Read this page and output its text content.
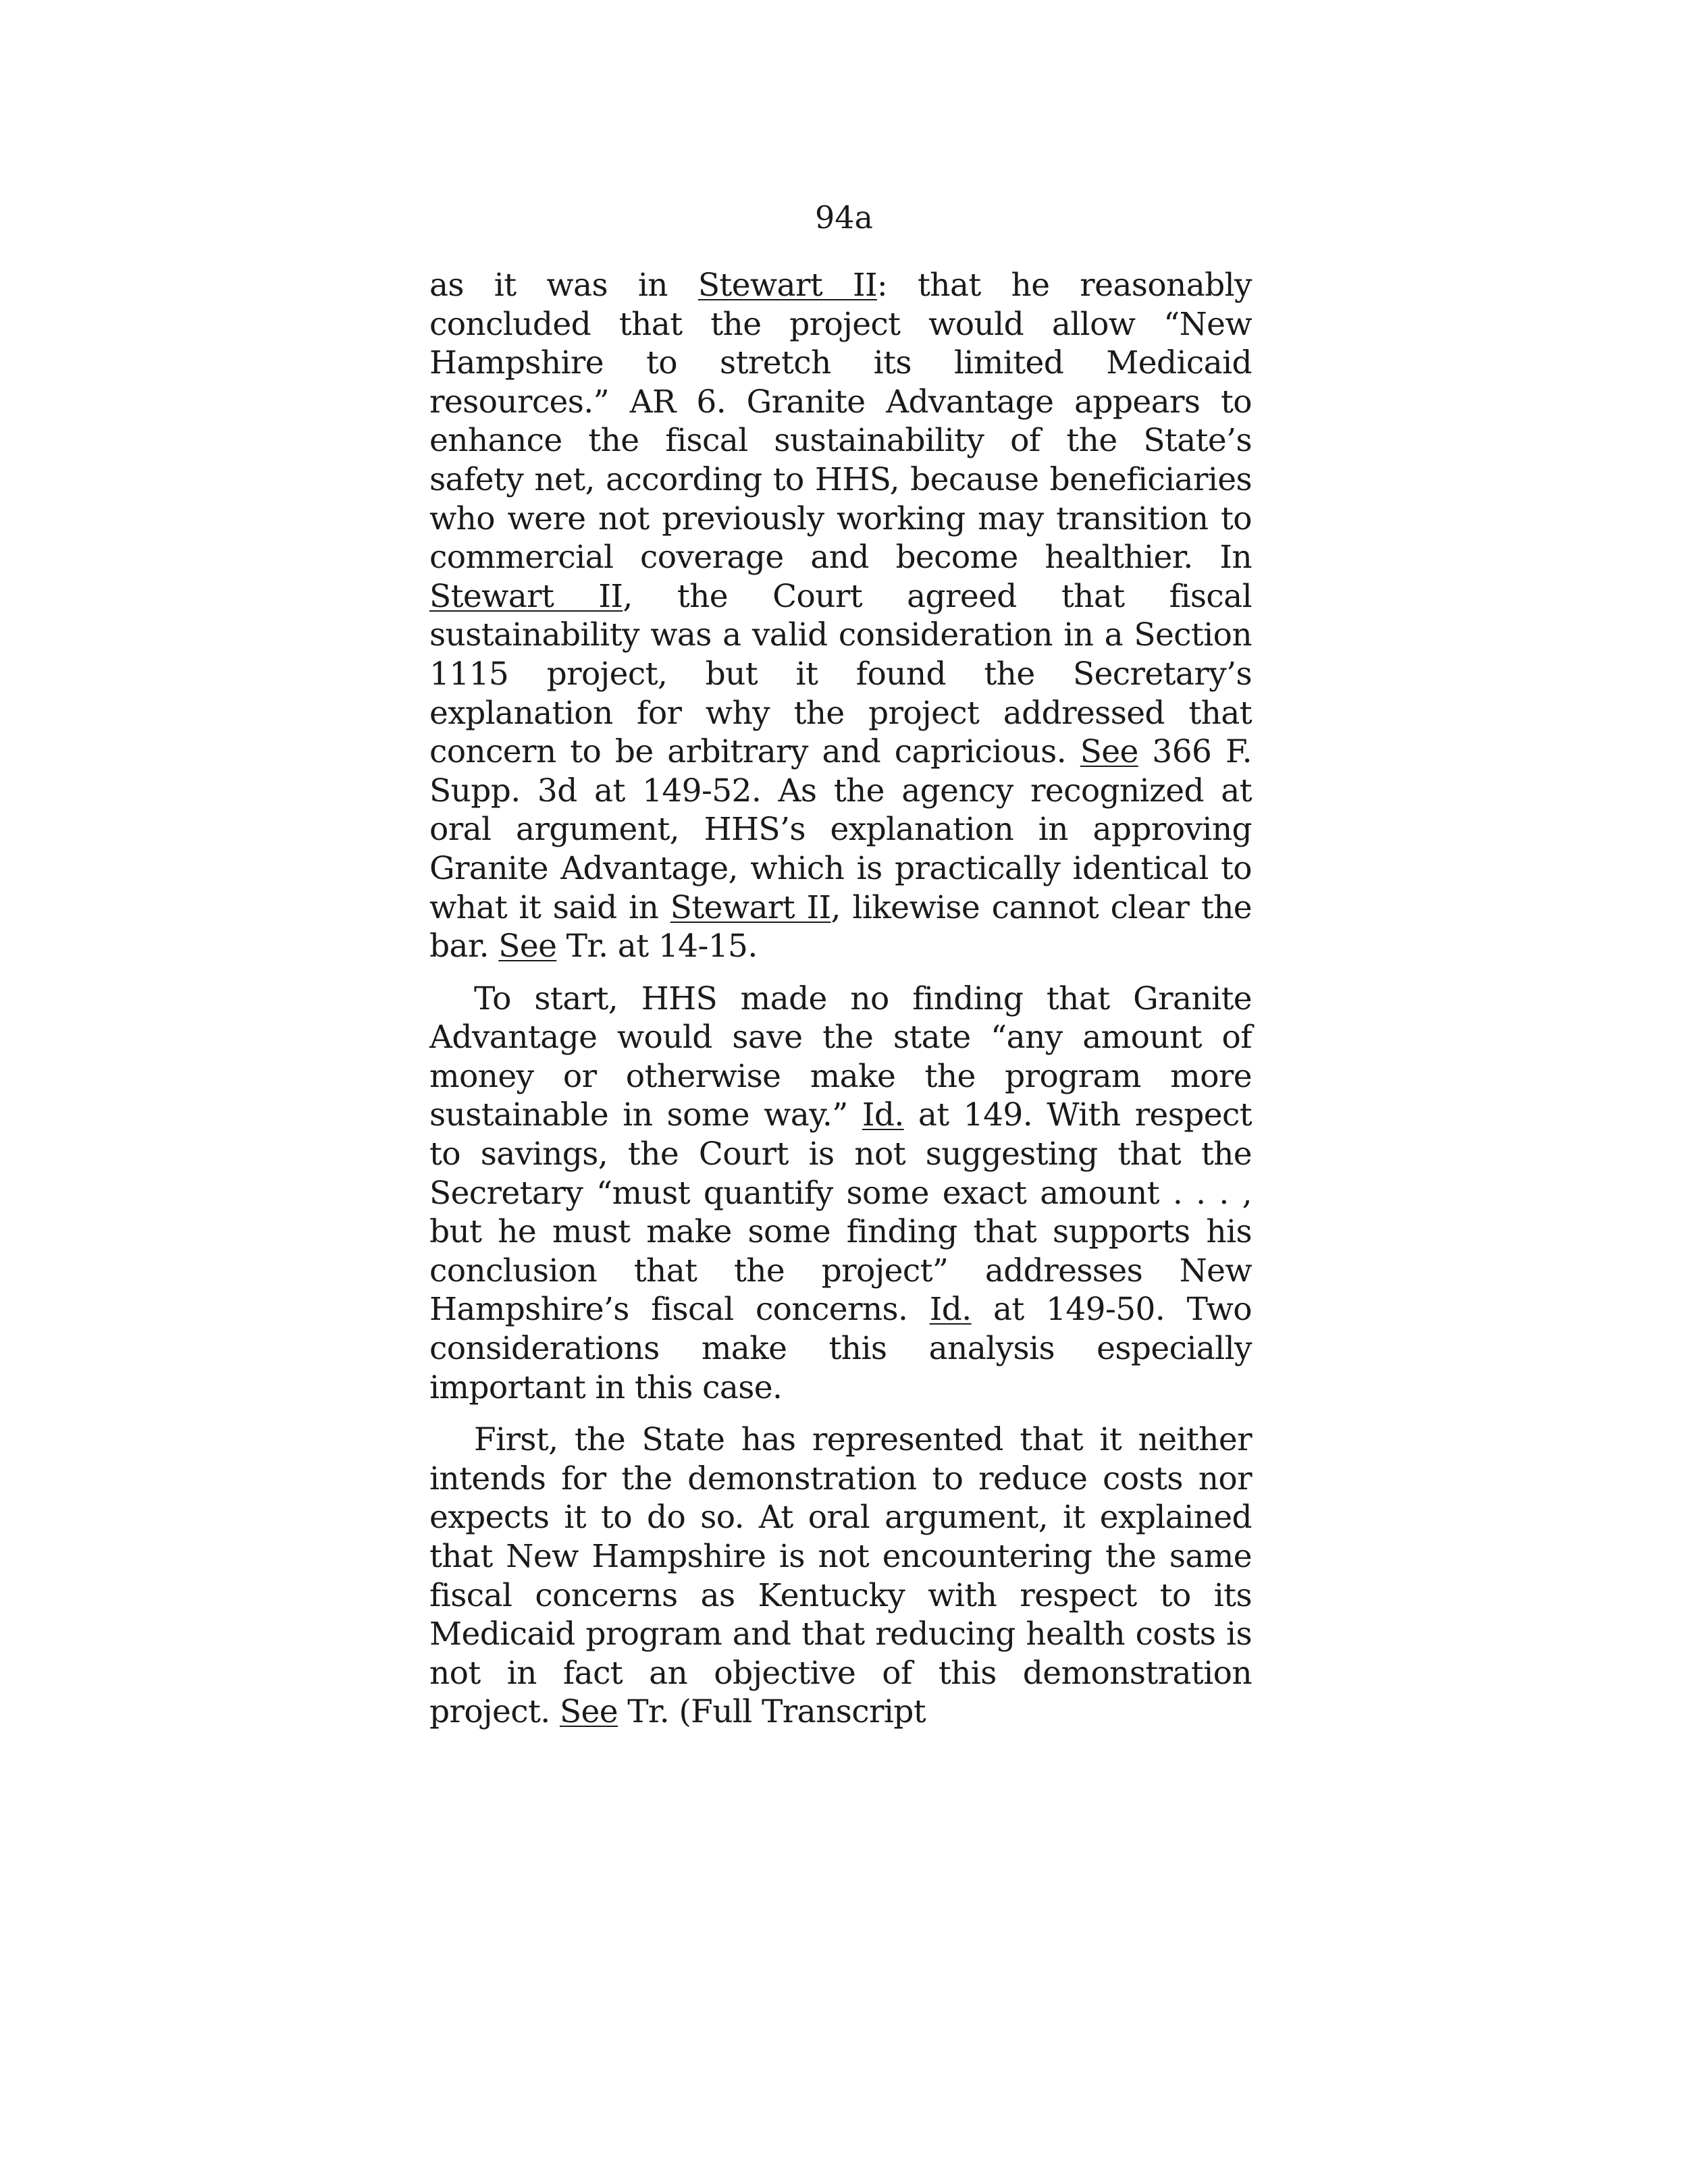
94a

as it was in Stewart II: that he reasonably concluded that the project would allow “New Hampshire to stretch its limited Medicaid resources.” AR 6. Granite Advantage appears to enhance the fiscal sustainability of the State’s safety net, according to HHS, because beneficiaries who were not previously working may transition to commercial coverage and become healthier. In Stewart II, the Court agreed that fiscal sustainability was a valid consideration in a Section 1115 project, but it found the Secretary’s explanation for why the project addressed that concern to be arbitrary and capricious. See 366 F. Supp. 3d at 149-52. As the agency recognized at oral argument, HHS’s explanation in approving Granite Advantage, which is practically identical to what it said in Stewart II, likewise cannot clear the bar. See Tr. at 14-15.

To start, HHS made no finding that Granite Advantage would save the state “any amount of money or otherwise make the program more sustainable in some way.” Id. at 149. With respect to savings, the Court is not suggesting that the Secretary “must quantify some exact amount . . . , but he must make some finding that supports his conclusion that the project” addresses New Hampshire’s fiscal concerns. Id. at 149-50. Two considerations make this analysis especially important in this case.

First, the State has represented that it neither intends for the demonstration to reduce costs nor expects it to do so. At oral argument, it explained that New Hampshire is not encountering the same fiscal concerns as Kentucky with respect to its Medicaid program and that reducing health costs is not in fact an objective of this demonstration project. See Tr. (Full Transcript
